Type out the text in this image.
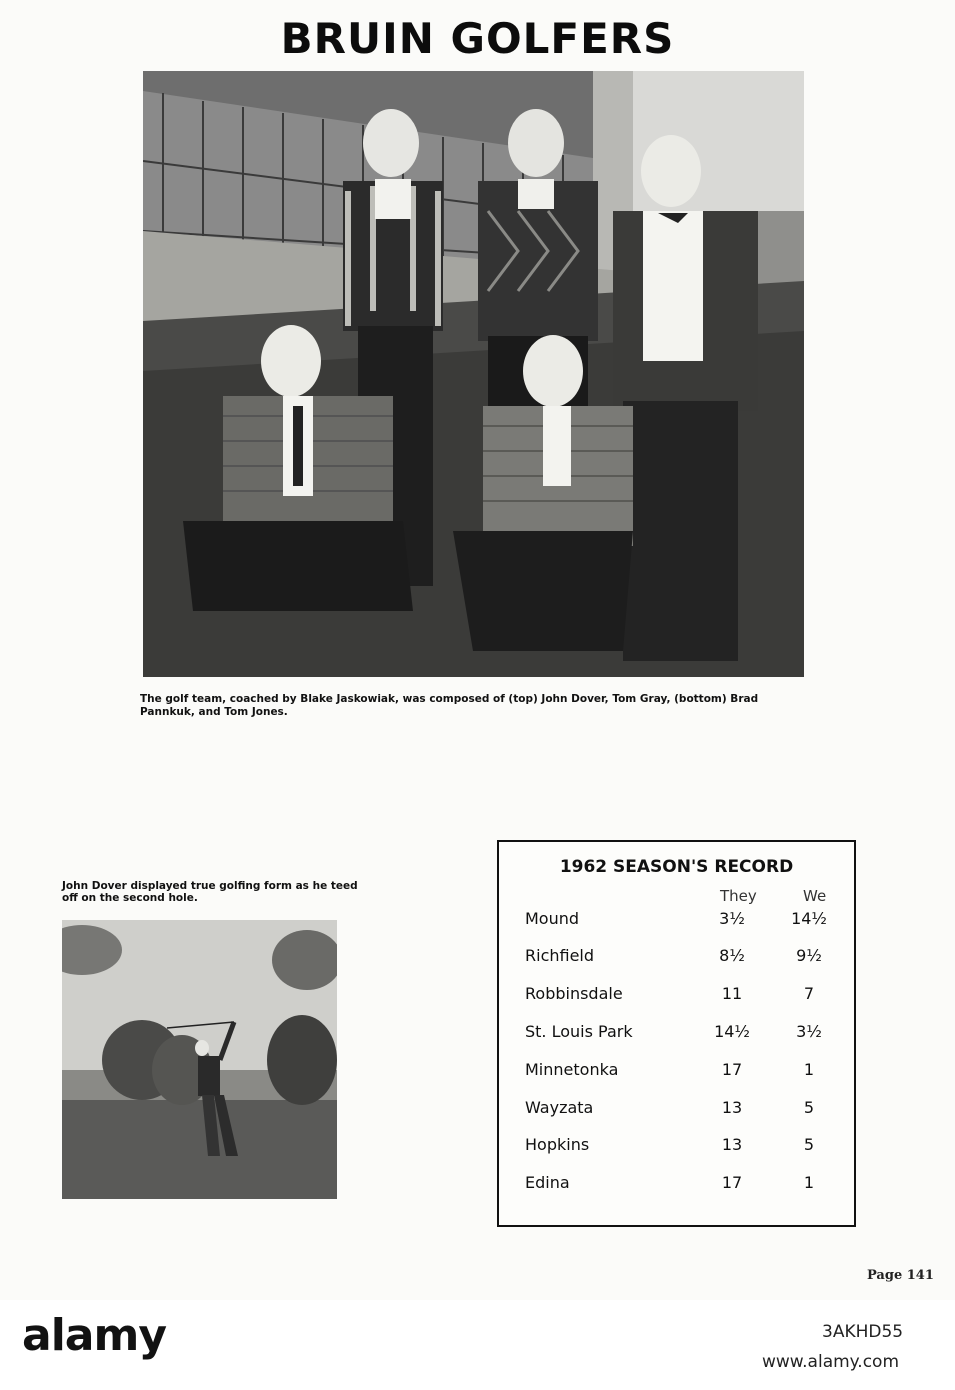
BRUIN GOLFERS
The golf team, coached by Blake Jaskowiak, was composed of (top) John Dover, Tom Gray, (bottom) Brad Pannkuk, and Tom Jones.
John Dover displayed true golfing form as he teed off on the second hole.
1962 SEASON'S RECORD
They	We
Mound	3½	14½
Richfield	8½	9½
Robbinsdale	11	7
St. Louis Park	14½	3½
Minnetonka	17	1
Wayzata	13	5
Hopkins	13	5
Edina	17	1
Page 141
alamy	3AKHD55
www.alamy.com
